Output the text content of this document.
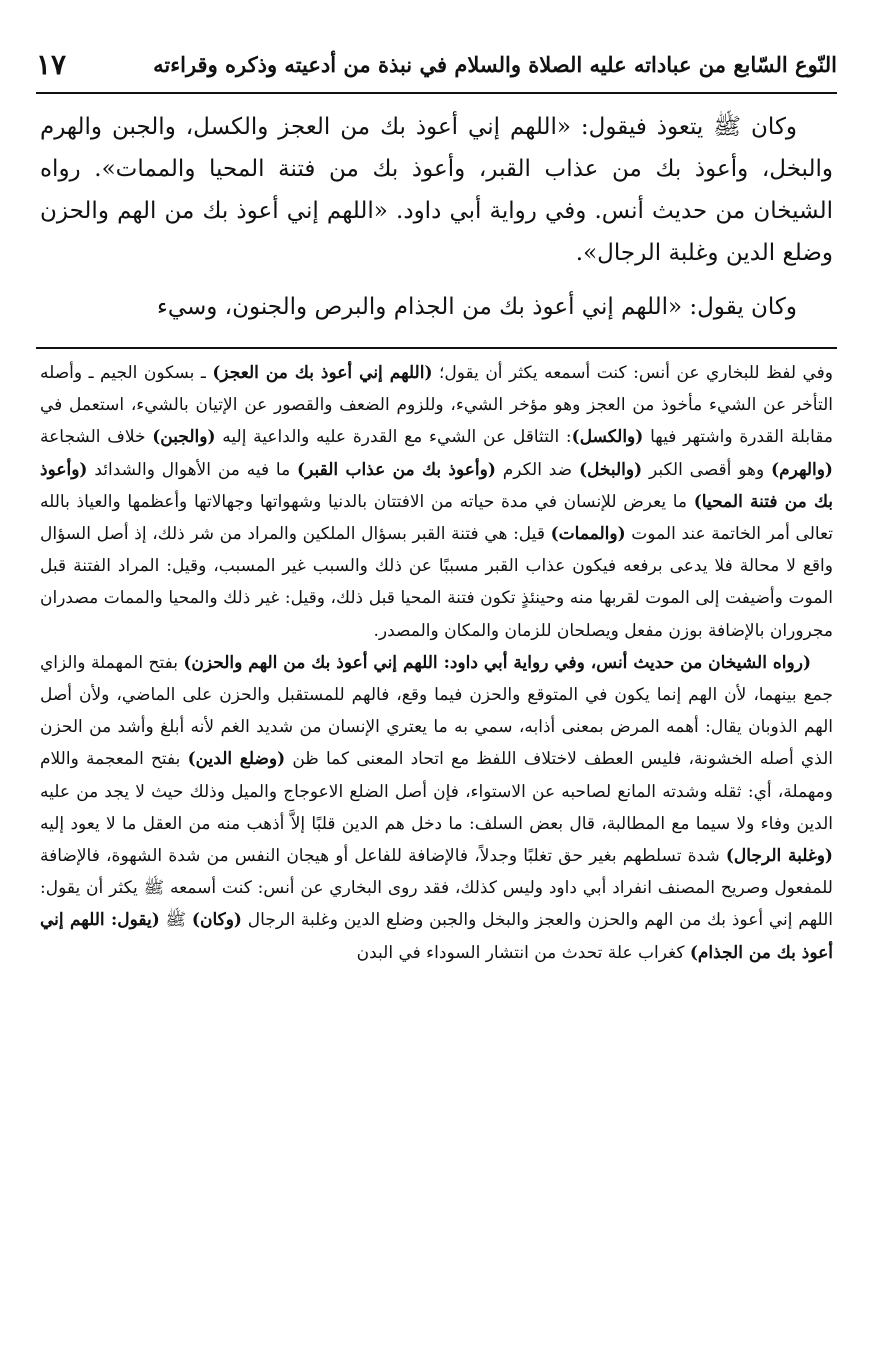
النّوع السّابع من عباداته عليه الصلاة والسلام في نبذة من أدعيته وذكره وقراءته
١٧

وكان ﷺ يتعوذ فيقول: «اللهم إني أعوذ بك من العجز والكسل، والجبن والهرم والبخل، وأعوذ بك من عذاب القبر، وأعوذ بك من فتنة المحيا والممات». رواه الشيخان من حديث أنس. وفي رواية أبي داود. «اللهم إني أعوذ بك من الهم والحزن وضلع الدين وغلبة الرجال».

وكان يقول: «اللهم إني أعوذ بك من الجذام والبرص والجنون، وسيء

وفي لفظ للبخاري عن أنس: كنت أسمعه يكثر أن يقول؛ (اللهم إني أعوذ بك من العجز) ـ بسكون الجيم ـ وأصله التأخر عن الشيء مأخوذ من العجز وهو مؤخر الشيء، وللزوم الضعف والقصور عن الإتيان بالشيء، استعمل في مقابلة القدرة واشتهر فيها (والكسل): التثاقل عن الشيء مع القدرة عليه والداعية إليه (والجبن) خلاف الشجاعة (والهرم) وهو أقصى الكبر (والبخل) ضد الكرم (وأعوذ بك من عذاب القبر) ما فيه من الأهوال والشدائد (وأعوذ بك من فتنة المحيا) ما يعرض للإنسان في مدة حياته من الافتتان بالدنيا وشهواتها وجهالاتها وأعظمها والعياذ بالله تعالى أمر الخاتمة عند الموت (والممات) قيل: هي فتنة القبر بسؤال الملكين والمراد من شر ذلك، إذ أصل السؤال واقع لا محالة فلا يدعى برفعه فيكون عذاب القبر مسببًا عن ذلك والسبب غير المسبب، وقيل: المراد الفتنة قبل الموت وأضيفت إلى الموت لقربها منه وحينئذٍ تكون فتنة المحيا قبل ذلك، وقيل: غير ذلك والمحيا والممات مصدران مجروران بالإضافة بوزن مفعل ويصلحان للزمان والمكان والمصدر.

(رواه الشيخان من حديث أنس، وفي رواية أبي داود: اللهم إني أعوذ بك من الهم والحزن) بفتح المهملة والزاي جمع بينهما، لأن الهم إنما يكون في المتوقع والحزن فيما وقع، فالهم للمستقبل والحزن على الماضي، ولأن أصل الهم الذوبان يقال: أهمه المرض بمعنى أذابه، سمي به ما يعتري الإنسان من شديد الغم لأنه أبلغ وأشد من الحزن الذي أصله الخشونة، فليس العطف لاختلاف اللفظ مع اتحاد المعنى كما ظن (وضلع الدين) بفتح المعجمة واللام ومهملة، أي: ثقله وشدته المانع لصاحبه عن الاستواء، فإن أصل الضلع الاعوجاج والميل وذلك حيث لا يجد من عليه الدين وفاء ولا سيما مع المطالبة، قال بعض السلف: ما دخل هم الدين قلبًا إلاَّ أذهب منه من العقل ما لا يعود إليه (وغلبة الرجال) شدة تسلطهم بغير حق تغلبًا وجدلاً، فالإضافة للفاعل أو هيجان النفس من شدة الشهوة، فالإضافة للمفعول وصريح المصنف انفراد أبي داود وليس كذلك، فقد روى البخاري عن أنس: كنت أسمعه ﷺ يكثر أن يقول: اللهم إني أعوذ بك من الهم والحزن والعجز والبخل والجبن وضلع الدين وغلبة الرجال (وكان) ﷺ (يقول: اللهم إني أعوذ بك من الجذام) كغراب علة تحدث من انتشار السوداء في البدن
